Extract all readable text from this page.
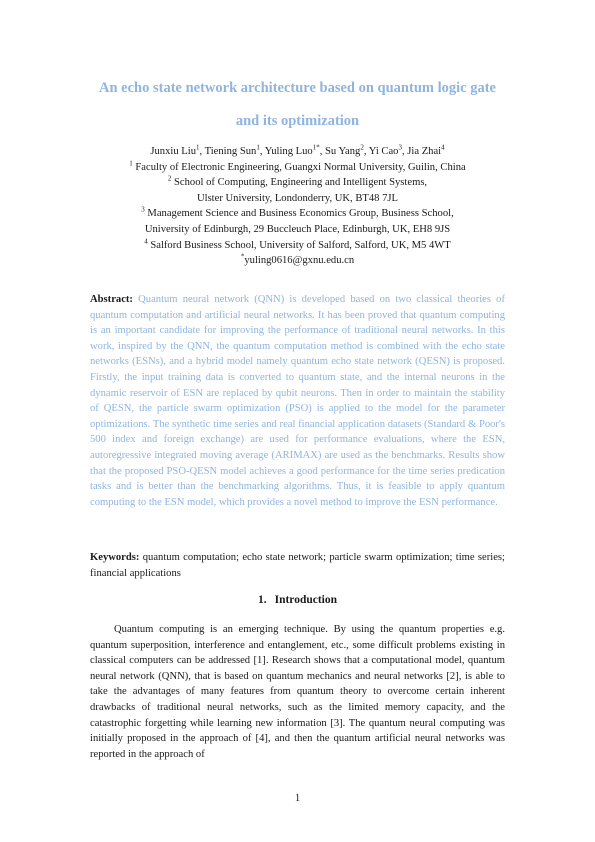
An echo state network architecture based on quantum logic gate
and its optimization
Junxiu Liu$^1$, Tiening Sun$^1$, Yuling Luo$^{1*}$, Su Yang$^2$, Yi Cao$^3$, Jia Zhai$^4$
$^1$ Faculty of Electronic Engineering, Guangxi Normal University, Guilin, China
$^2$ School of Computing, Engineering and Intelligent Systems,
Ulster University, Londonderry, UK, BT48 7JL
$^3$ Management Science and Business Economics Group, Business School,
University of Edinburgh, 29 Buccleuch Place, Edinburgh, UK, EH8 9JS
$^4$ Salford Business School, University of Salford, Salford, UK, M5 4WT
*yuling0616@gxnu.edu.cn
Abstract: Quantum neural network (QNN) is developed based on two classical theories of quantum computation and artificial neural networks. It has been proved that quantum computing is an important candidate for improving the performance of traditional neural networks. In this work, inspired by the QNN, the quantum computation method is combined with the echo state networks (ESNs), and a hybrid model namely quantum echo state network (QESN) is proposed. Firstly, the input training data is converted to quantum state, and the internal neurons in the dynamic reservoir of ESN are replaced by qubit neurons. Then in order to maintain the stability of QESN, the particle swarm optimization (PSO) is applied to the model for the parameter optimizations. The synthetic time series and real financial application datasets (Standard & Poor's 500 index and foreign exchange) are used for performance evaluations, where the ESN, autoregressive integrated moving average (ARIMAX) are used as the benchmarks. Results show that the proposed PSO-QESN model achieves a good performance for the time series predication tasks and is better than the benchmarking algorithms. Thus, it is feasible to apply quantum computing to the ESN model, which provides a novel method to improve the ESN performance.
Keywords: quantum computation; echo state network; particle swarm optimization; time series; financial applications
1. Introduction
Quantum computing is an emerging technique. By using the quantum properties e.g. quantum superposition, interference and entanglement, etc., some difficult problems existing in classical computers can be addressed [1]. Research shows that a computational model, quantum neural network (QNN), that is based on quantum mechanics and neural networks [2], is able to take the advantages of many features from quantum theory to overcome certain inherent drawbacks of traditional neural networks, such as the limited memory capacity, and the catastrophic forgetting while learning new information [3]. The quantum neural computing was initially proposed in the approach of [4], and then the quantum artificial neural networks was reported in the approach of
1
